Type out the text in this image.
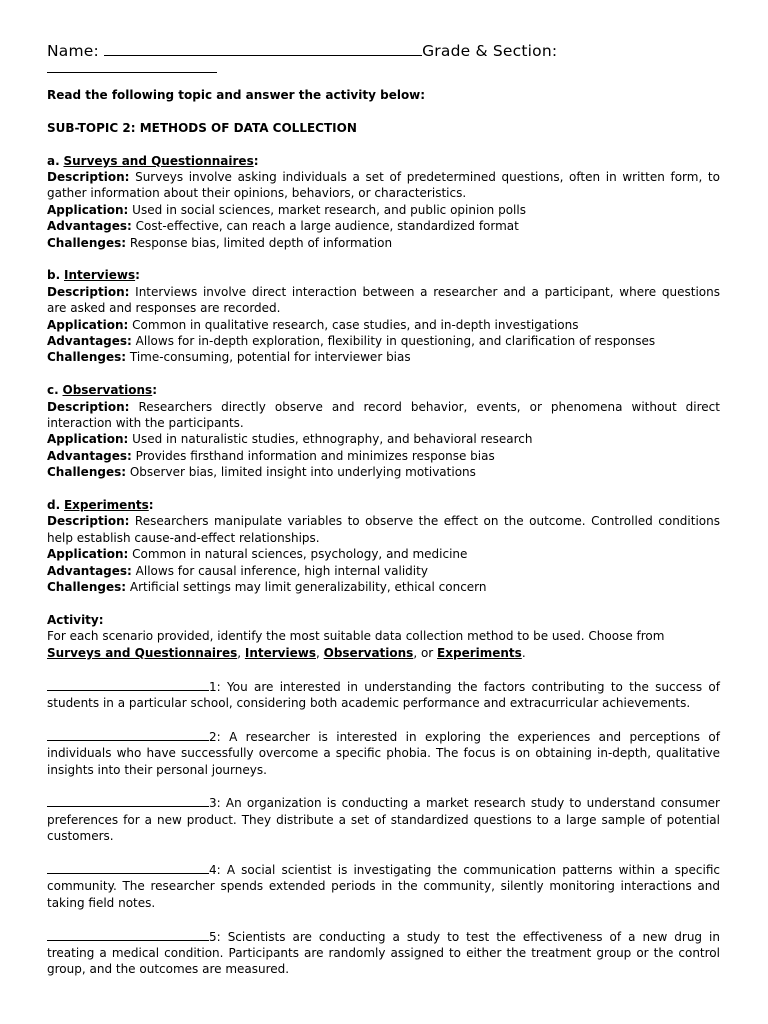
Name:	Grade & Section:

Read the following topic and answer the activity below:

SUB-TOPIC 2: METHODS OF DATA COLLECTION

a. Surveys and Questionnaires:

Description: Surveys involve asking individuals a set of predetermined questions, often in written form, to gather information about their opinions, behaviors, or characteristics.

Application: Used in social sciences, market research, and public opinion polls

Advantages: Cost-effective, can reach a large audience, standardized format

Challenges: Response bias, limited depth of information

b. Interviews:

Description: Interviews involve direct interaction between a researcher and a participant, where questions are asked and responses are recorded.

Application: Common in qualitative research, case studies, and in-depth investigations

Advantages: Allows for in-depth exploration, flexibility in questioning, and clarification of responses

Challenges: Time-consuming, potential for interviewer bias

c. Observations:

Description: Researchers directly observe and record behavior, events, or phenomena without direct interaction with the participants.

Application: Used in naturalistic studies, ethnography, and behavioral research

Advantages: Provides firsthand information and minimizes response bias

Challenges: Observer bias, limited insight into underlying motivations

d. Experiments:

Description: Researchers manipulate variables to observe the effect on the outcome. Controlled conditions help establish cause-and-effect relationships.

Application: Common in natural sciences, psychology, and medicine

Advantages: Allows for causal inference, high internal validity

Challenges: Artificial settings may limit generalizability, ethical concern

Activity:

For each scenario provided, identify the most suitable data collection method to be used. Choose from

Surveys and Questionnaires, Interviews, Observations, or Experiments.

1: You are interested in understanding the factors contributing to the success of students in a particular school, considering both academic performance and extracurricular achievements.

2: A researcher is interested in exploring the experiences and perceptions of individuals who have successfully overcome a specific phobia. The focus is on obtaining in-depth, qualitative insights into their personal journeys.

3: An organization is conducting a market research study to understand consumer preferences for a new product. They distribute a set of standardized questions to a large sample of potential customers.

4: A social scientist is investigating the communication patterns within a specific community. The researcher spends extended periods in the community, silently monitoring interactions and taking field notes.

5: Scientists are conducting a study to test the effectiveness of a new drug in treating a medical condition. Participants are randomly assigned to either the treatment group or the control group, and the outcomes are measured.
